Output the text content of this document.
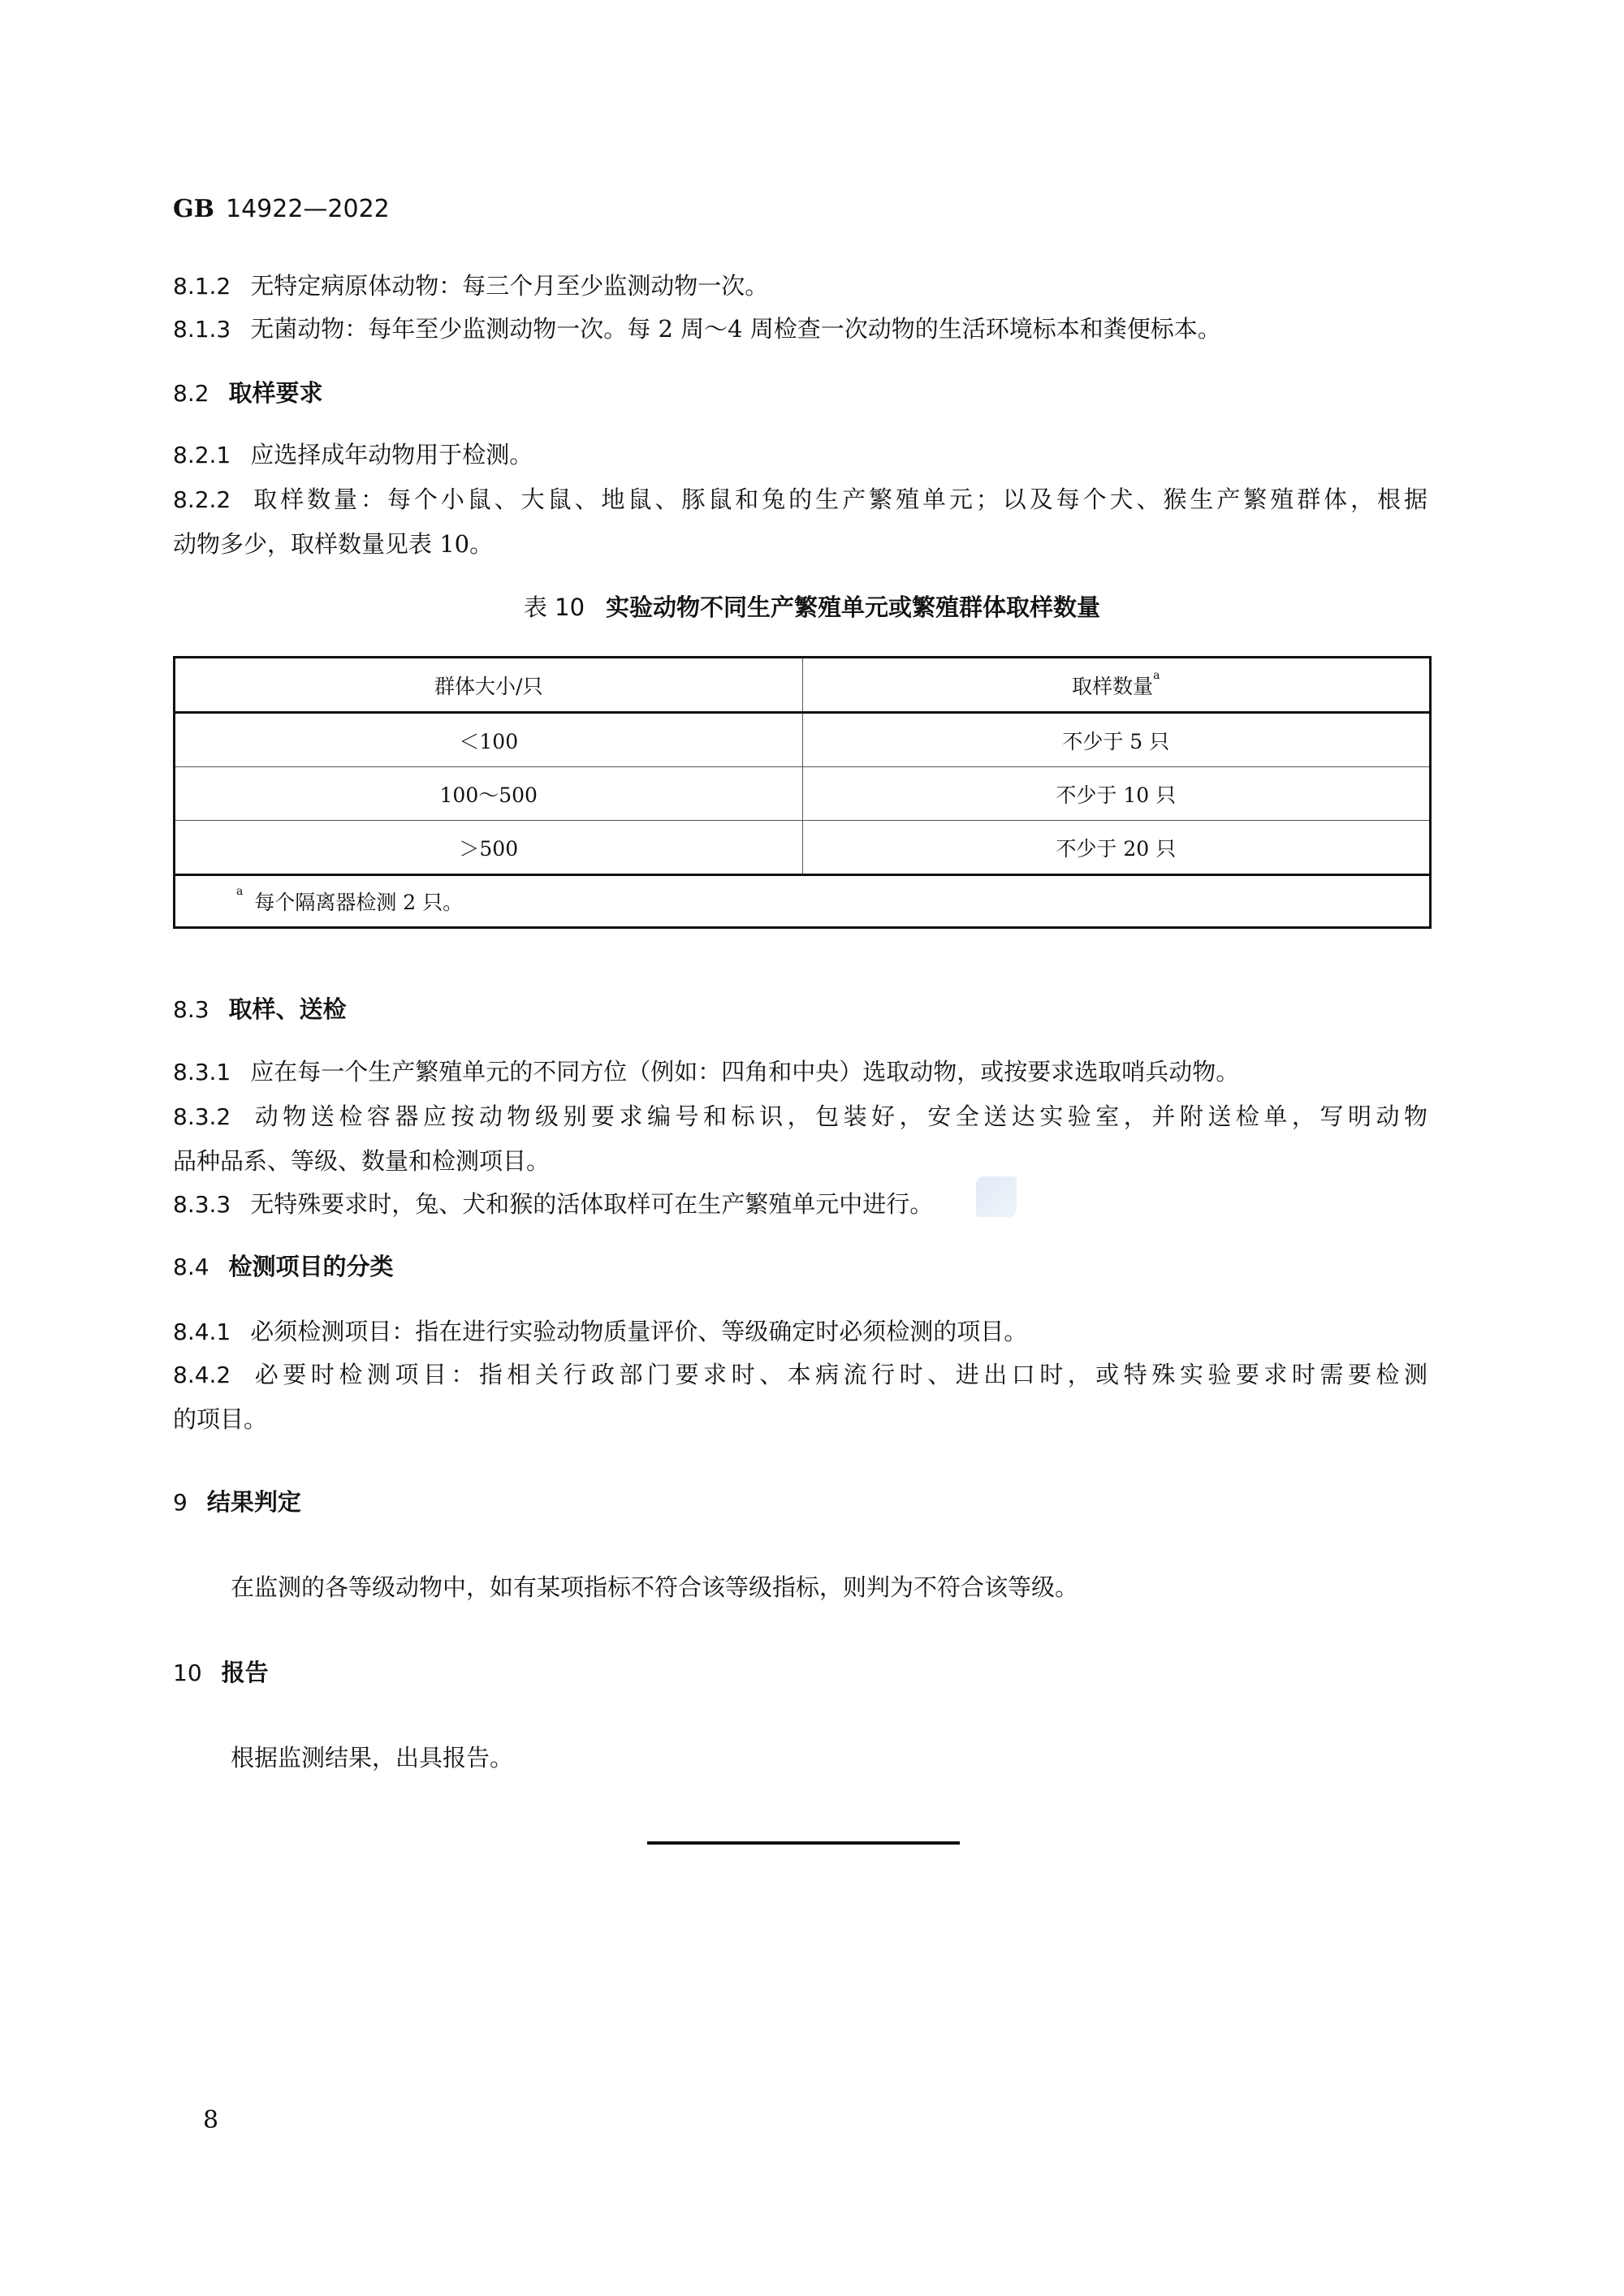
GB 14922—2022
8.1.2 无特定病原体动物：每三个月至少监测动物一次。
8.1.3 无菌动物：每年至少监测动物一次。每 2 周～4 周检查一次动物的生活环境标本和粪便标本。
8.2 取样要求
8.2.1 应选择成年动物用于检测。
8.2.2 取样数量：每个小鼠、大鼠、地鼠、豚鼠和兔的生产繁殖单元；以及每个犬、猴生产繁殖群体，根据
动物多少，取样数量见表 10。
表 10 实验动物不同生产繁殖单元或繁殖群体取样数量
群体大小/只	取样数量$^a$
＜100	不少于 5 只
100～500	不少于 10 只
＞500	不少于 20 只
$^a$ 每个隔离器检测 2 只。	
8.3 取样、送检
8.3.1 应在每一个生产繁殖单元的不同方位（例如：四角和中央）选取动物，或按要求选取哨兵动物。
8.3.2 动物送检容器应按动物级别要求编号和标识，包装好，安全送达实验室，并附送检单，写明动物
品种品系、等级、数量和检测项目。
8.3.3 无特殊要求时，兔、犬和猴的活体取样可在生产繁殖单元中进行。
8.4 检测项目的分类
8.4.1 必须检测项目：指在进行实验动物质量评价、等级确定时必须检测的项目。
8.4.2 必要时检测项目：指相关行政部门要求时、本病流行时、进出口时，或特殊实验要求时需要检测
的项目。
9 结果判定
在监测的各等级动物中，如有某项指标不符合该等级指标，则判为不符合该等级。
10 报告
根据监测结果，出具报告。
8
